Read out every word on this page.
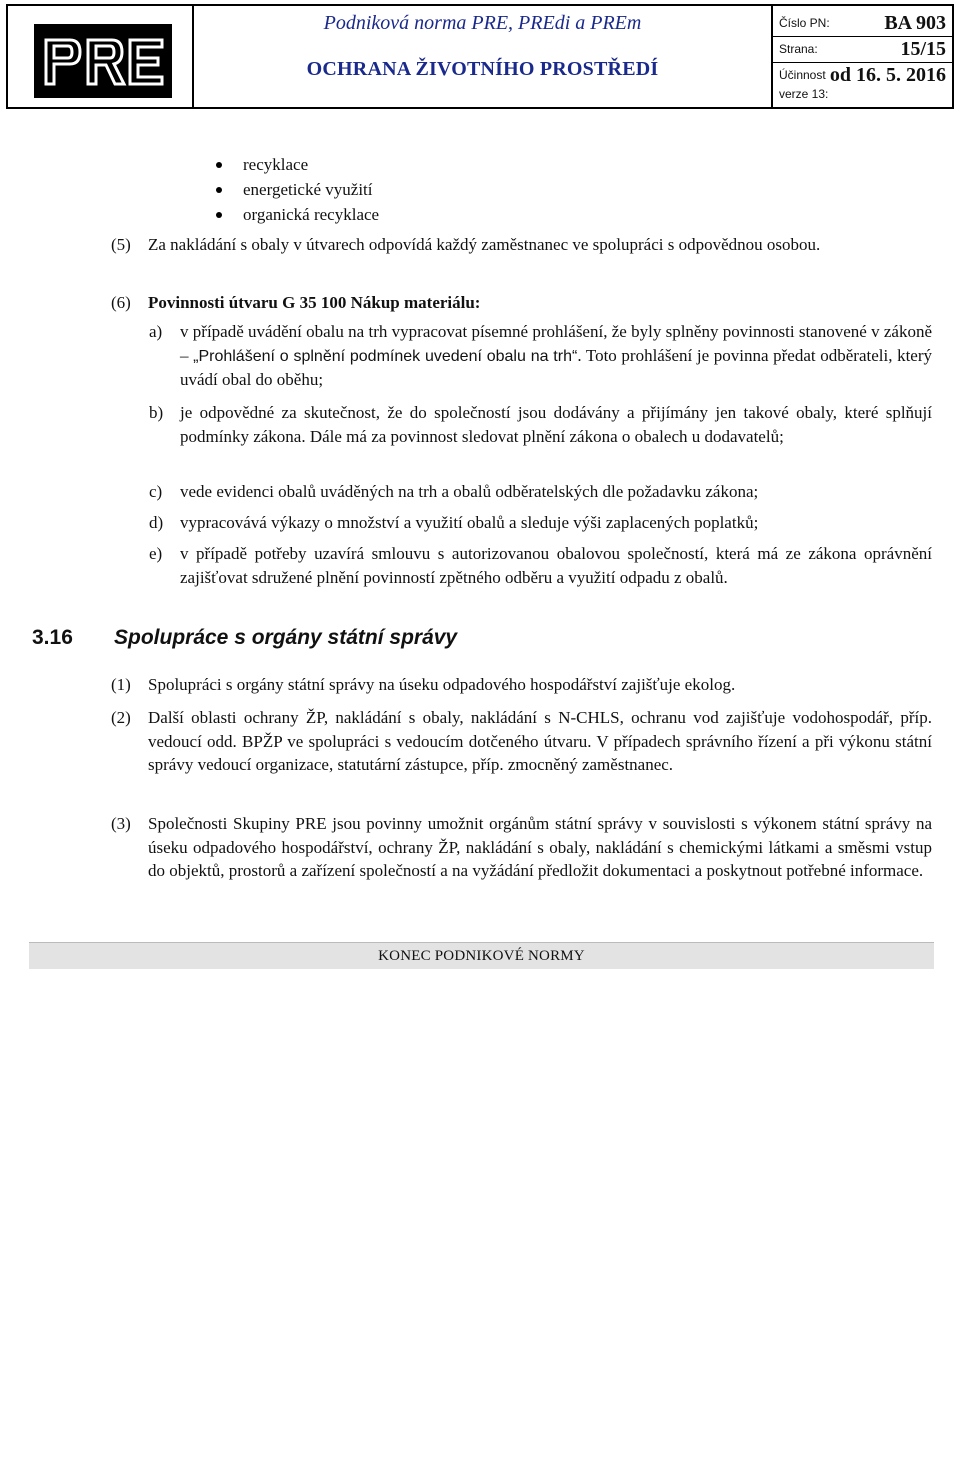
Podniková norma PRE, PREdi a PREm
OCHRANA ŽIVOTNÍHO PROSTŘEDÍ
Číslo PN:	BA 903
Strana:	15/15
Účinnost od 16. 5. 2016
verze 13:
recyklace
energetické využití
organická recyklace
(5) Za nakládání s obaly v útvarech odpovídá každý zaměstnanec ve spolupráci s odpovědnou osobou.
(6) Povinnosti útvaru G 35 100 Nákup materiálu:
a) v případě uvádění obalu na trh vypracovat písemné prohlášení, že byly splněny povinnosti stanovené v zákoně – „Prohlášení o splnění podmínek uvedení obalu na trh“. Toto prohlášení je povinna předat odběrateli, který uvádí obal do oběhu;
b) je odpovědné za skutečnost, že do společností jsou dodávány a přijímány jen takové obaly, které splňují podmínky zákona. Dále má za povinnost sledovat plnění zákona o obalech u dodavatelů;
c) vede evidenci obalů uváděných na trh a obalů odběratelských dle požadavku zákona;
d) vypracovává výkazy o množství a využití obalů a sleduje výši zaplacených poplatků;
e) v případě potřeby uzavírá smlouvu s autorizovanou obalovou společností, která má ze zákona oprávnění zajišťovat sdružené plnění povinností zpětného odběru a využití odpadu z obalů.
3.16 Spolupráce s orgány státní správy
(1) Spolupráci s orgány státní správy na úseku odpadového hospodářství zajišťuje ekolog.
(2) Další oblasti ochrany ŽP, nakládání s obaly, nakládání s N-CHLS, ochranu vod zajišťuje vodohospodář, příp. vedoucí odd. BPŽP ve spolupráci s vedoucím dotčeného útvaru. V případech správního řízení a při výkonu státní správy vedoucí organizace, statutární zástupce, příp. zmocněný zaměstnanec.
(3) Společnosti Skupiny PRE jsou povinny umožnit orgánům státní správy v souvislosti s výkonem státní správy na úseku odpadového hospodářství, ochrany ŽP, nakládání s obaly, nakládání s chemickými látkami a směsmi vstup do objektů, prostorů a zařízení společností a na vyžádání předložit dokumentaci a poskytnout potřebné informace.
KONEC PODNIKOVÉ NORMY
